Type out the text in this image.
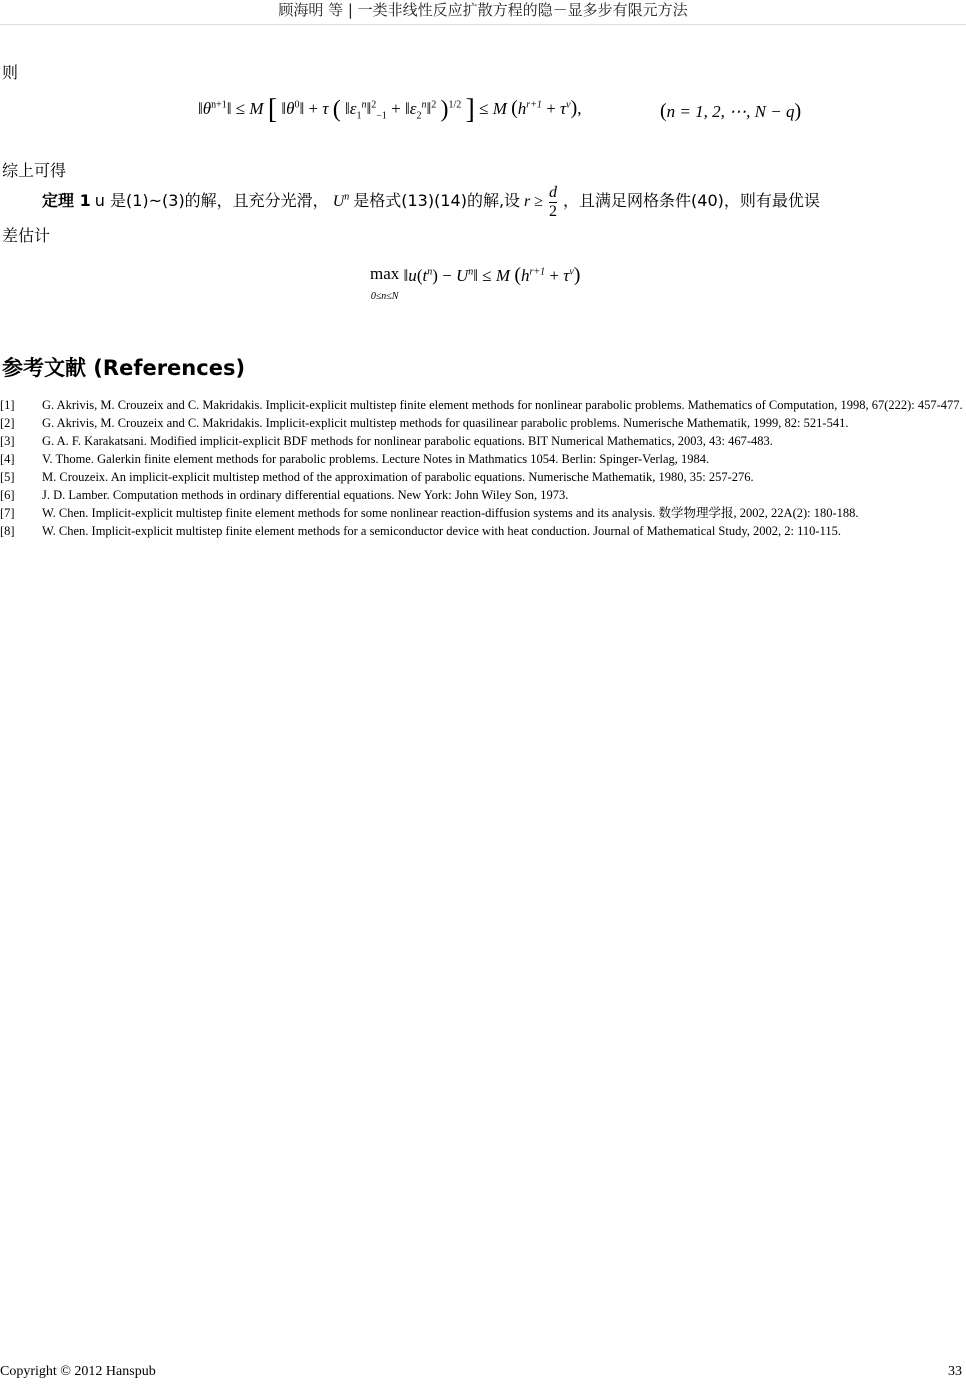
顾海明 等 | 一类非线性反应扩散方程的隐－显多步有限元方法
则
$‖\theta^{n+1}‖ \le M$ [ $‖\theta^0‖ + \tau$ ( $‖\varepsilon_1^n‖^2_{-1}$ + $‖\varepsilon_2^n‖^2$ )$^{1/2}$ ] ≤ M $(h^{r+1} + \tau^\nu)$,	(n = 1, 2, ⋯, N − q)
综上可得
定理 1 u 是(1)~(3)的解，且充分光滑， $U^n$ 是格式(13)(14)的解,设 $r \ge \frac{d}{2}$ ，且满足网格条件(40)，则有最优误
差估计
max
0≤n≤N $‖u(t^n)$ − $U^n‖ \le M$ $(h^{r+1} + \tau^\nu)$
参考文献 (References)
[1] G. Akrivis, M. Crouzeix and C. Makridakis. Implicit-explicit multistep finite element methods for nonlinear parabolic problems. Mathematics of Computation, 1998, 67(222): 457-477.
[2] G. Akrivis, M. Crouzeix and C. Makridakis. Implicit-explicit multistep methods for quasilinear parabolic problems. Numerische Mathematik, 1999, 82: 521-541.
[3] G. A. F. Karakatsani. Modified implicit-explicit BDF methods for nonlinear parabolic equations. BIT Numerical Mathematics, 2003, 43: 467-483.
[4] V. Thome. Galerkin finite element methods for parabolic problems. Lecture Notes in Mathmatics 1054. Berlin: Spinger-Verlag, 1984.
[5] M. Crouzeix. An implicit-explicit multistep method of the approximation of parabolic equations. Numerische Mathematik, 1980, 35: 257-276.
[6] J. D. Lamber. Computation methods in ordinary differential equations. New York: John Wiley Son, 1973.
[7] W. Chen. Implicit-explicit multistep finite element methods for some nonlinear reaction-diffusion systems and its analysis. 数学物理学报, 2002, 22A(2): 180-188.
[8] W. Chen. Implicit-explicit multistep finite element methods for a semiconductor device with heat conduction. Journal of Mathematical Study, 2002, 2: 110-115.
Copyright © 2012 Hanspub	33
